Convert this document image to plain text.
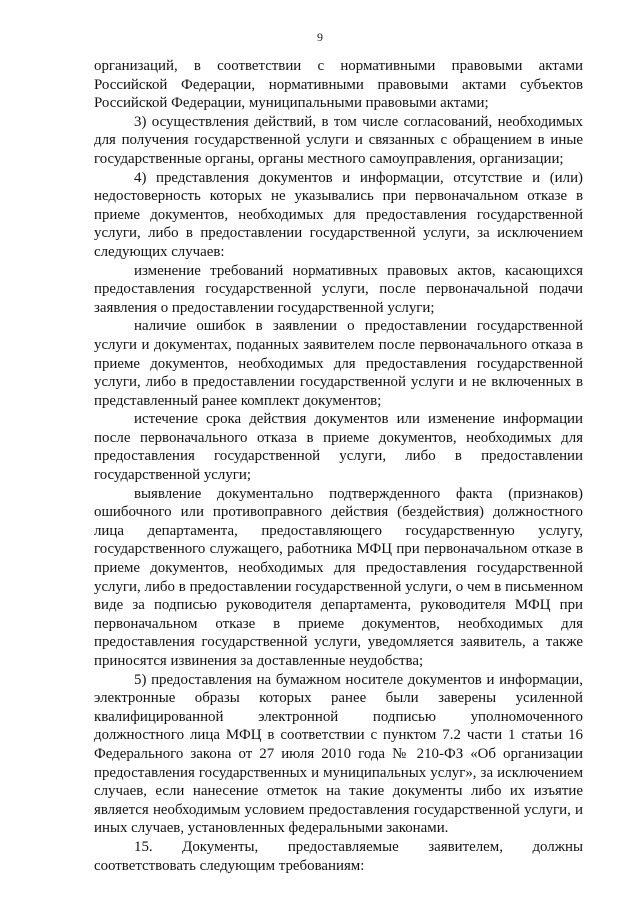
9

организаций, в соответствии с нормативными правовыми актами Российской Федерации, нормативными правовыми актами субъектов Российской Федерации, муниципальными правовыми актами;

3) осуществления действий, в том числе согласований, необходимых для получения государственной услуги и связанных с обращением в иные государственные органы, органы местного самоуправления, организации;

4) представления документов и информации, отсутствие и (или) недостоверность которых не указывались при первоначальном отказе в приеме документов, необходимых для предоставления государственной услуги, либо в предоставлении государственной услуги, за исключением следующих случаев:

изменение требований нормативных правовых актов, касающихся предоставления государственной услуги, после первоначальной подачи заявления о предоставлении государственной услуги;

наличие ошибок в заявлении о предоставлении государственной услуги и документах, поданных заявителем после первоначального отказа в приеме документов, необходимых для предоставления государственной услуги, либо в предоставлении государственной услуги и не включенных в представленный ранее комплект документов;

истечение срока действия документов или изменение информации после первоначального отказа в приеме документов, необходимых для предоставления государственной услуги, либо в предоставлении государственной услуги;

выявление документально подтвержденного факта (признаков) ошибочного или противоправного действия (бездействия) должностного лица департамента, предоставляющего государственную услугу, государственного служащего, работника МФЦ при первоначальном отказе в приеме документов, необходимых для предоставления государственной услуги, либо в предоставлении государственной услуги, о чем в письменном виде за подписью руководителя департамента, руководителя МФЦ при первоначальном отказе в приеме документов, необходимых для предоставления государственной услуги, уведомляется заявитель, а также приносятся извинения за доставленные неудобства;

5) предоставления на бумажном носителе документов и информации, электронные образы которых ранее были заверены усиленной квалифицированной электронной подписью уполномоченного должностного лица МФЦ в соответствии с пунктом 7.2 части 1 статьи 16 Федерального закона от 27 июля 2010 года № 210-ФЗ «Об организации предоставления государственных и муниципальных услуг», за исключением случаев, если нанесение отметок на такие документы либо их изъятие является необходимым условием предоставления государственной услуги, и иных случаев, установленных федеральными законами.

15. Документы, предоставляемые заявителем, должны соответствовать следующим требованиям:
